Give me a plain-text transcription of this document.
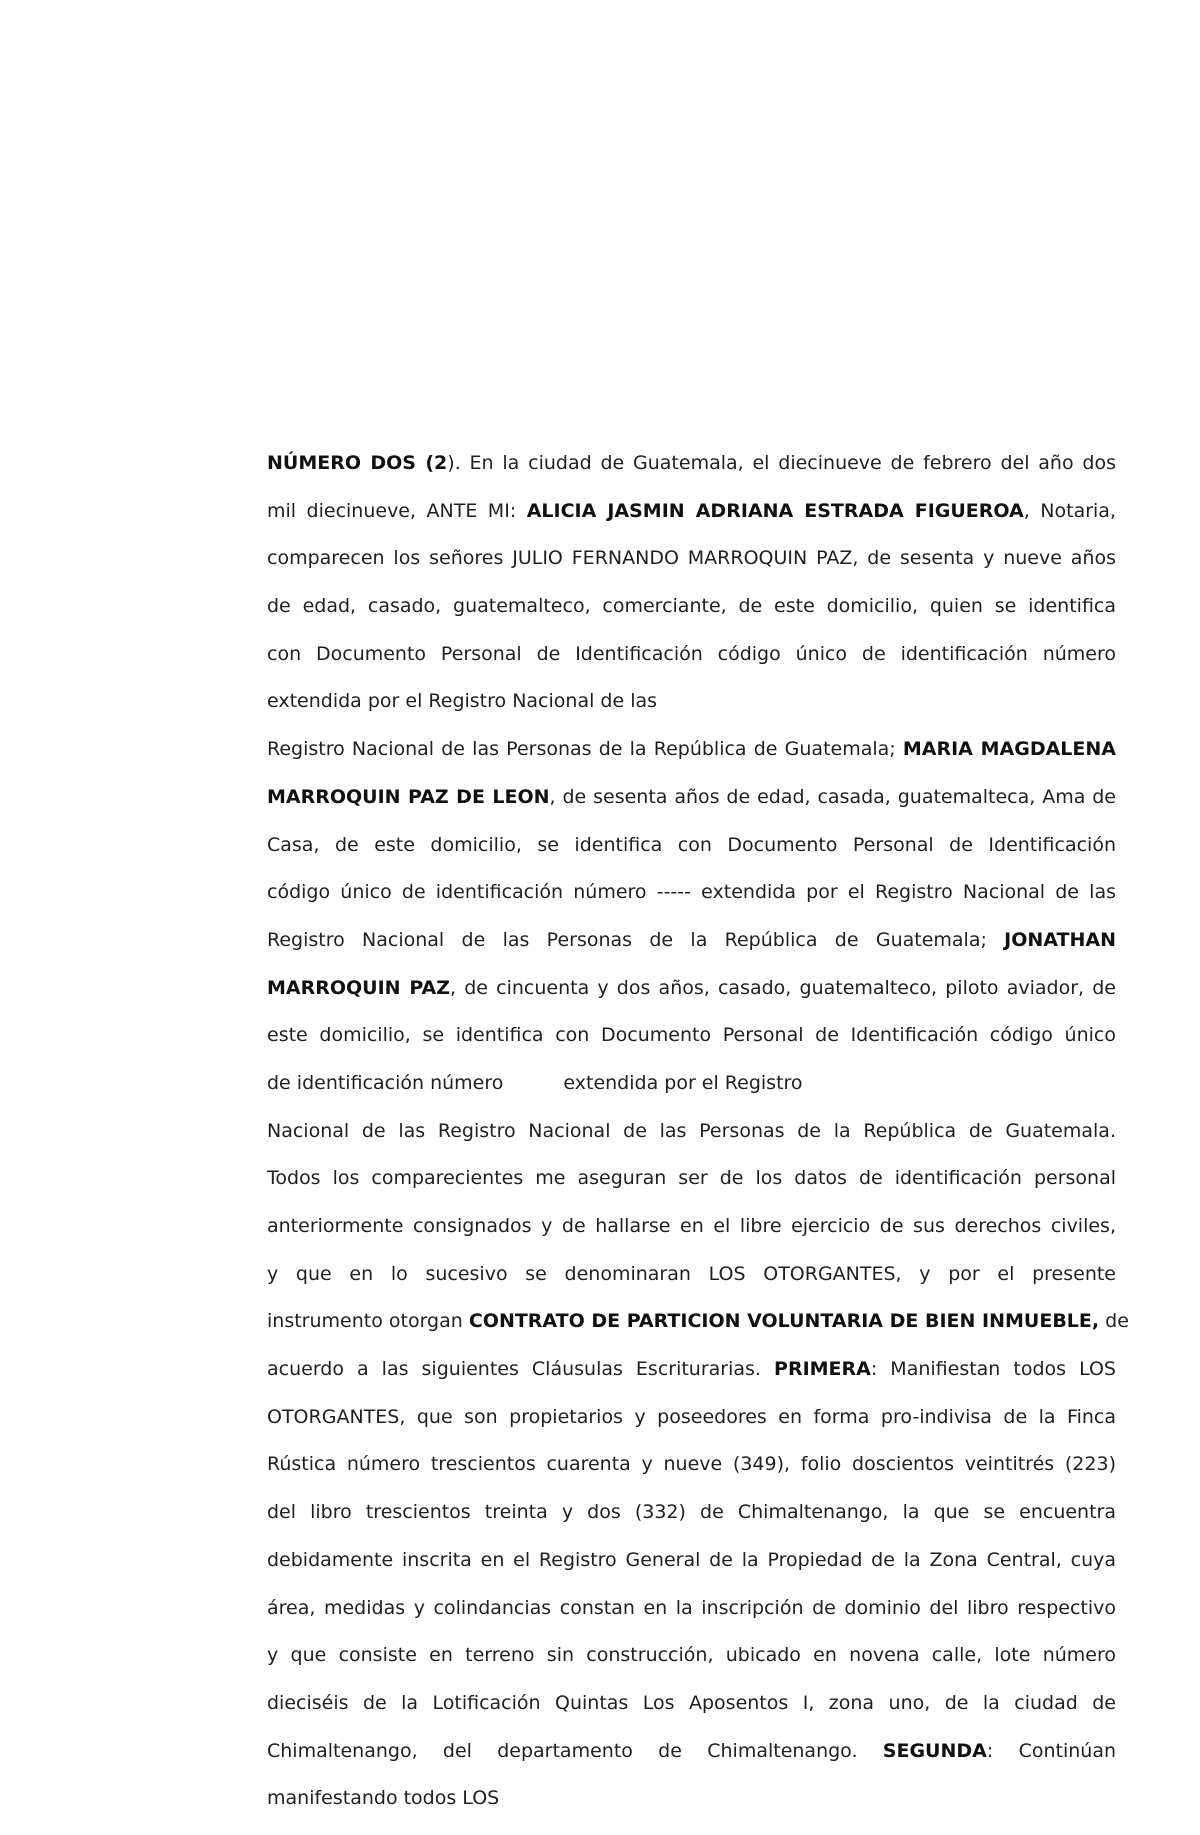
NÚMERO DOS (2). En la ciudad de Guatemala, el diecinueve de febrero del año dos
mil diecinueve, ANTE MI: ALICIA JASMIN ADRIANA ESTRADA FIGUEROA, Notaria,
comparecen los señores JULIO FERNANDO MARROQUIN PAZ, de sesenta y nueve años
de edad, casado, guatemalteco, comerciante, de este domicilio, quien se identifica
con Documento Personal de Identificación código único de identificación número
extendida por el Registro Nacional de las
Registro Nacional de las Personas de la República de Guatemala; MARIA MAGDALENA
MARROQUIN PAZ DE LEON, de sesenta años de edad, casada, guatemalteca, Ama de
Casa, de este domicilio, se identifica con Documento Personal de Identificación
código único de identificación número ----- extendida por el Registro Nacional de las
Registro Nacional de las Personas de la República de Guatemala; JONATHAN
MARROQUIN PAZ, de cincuenta y dos años, casado, guatemalteco, piloto aviador, de
este domicilio, se identifica con Documento Personal de Identificación código único
de identificación número	extendida por el Registro
Nacional de las Registro Nacional de las Personas de la República de Guatemala.
Todos los comparecientes me aseguran ser de los datos de identificación personal
anteriormente consignados y de hallarse en el libre ejercicio de sus derechos civiles,
y que en lo sucesivo se denominaran LOS OTORGANTES, y por el presente
instrumento otorgan CONTRATO DE PARTICION VOLUNTARIA DE BIEN INMUEBLE, de
acuerdo a las siguientes Cláusulas Escriturarias. PRIMERA: Manifiestan todos LOS
OTORGANTES, que son propietarios y poseedores en forma pro-indivisa de la Finca
Rústica número trescientos cuarenta y nueve (349), folio doscientos veintitrés (223)
del libro trescientos treinta y dos (332) de Chimaltenango, la que se encuentra
debidamente inscrita en el Registro General de la Propiedad de la Zona Central, cuya
área, medidas y colindancias constan en la inscripción de dominio del libro respectivo
y que consiste en terreno sin construcción, ubicado en novena calle, lote número
dieciséis de la Lotificación Quintas Los Aposentos I, zona uno, de la ciudad de
Chimaltenango, del departamento de Chimaltenango. SEGUNDA: Continúan
manifestando todos LOS
